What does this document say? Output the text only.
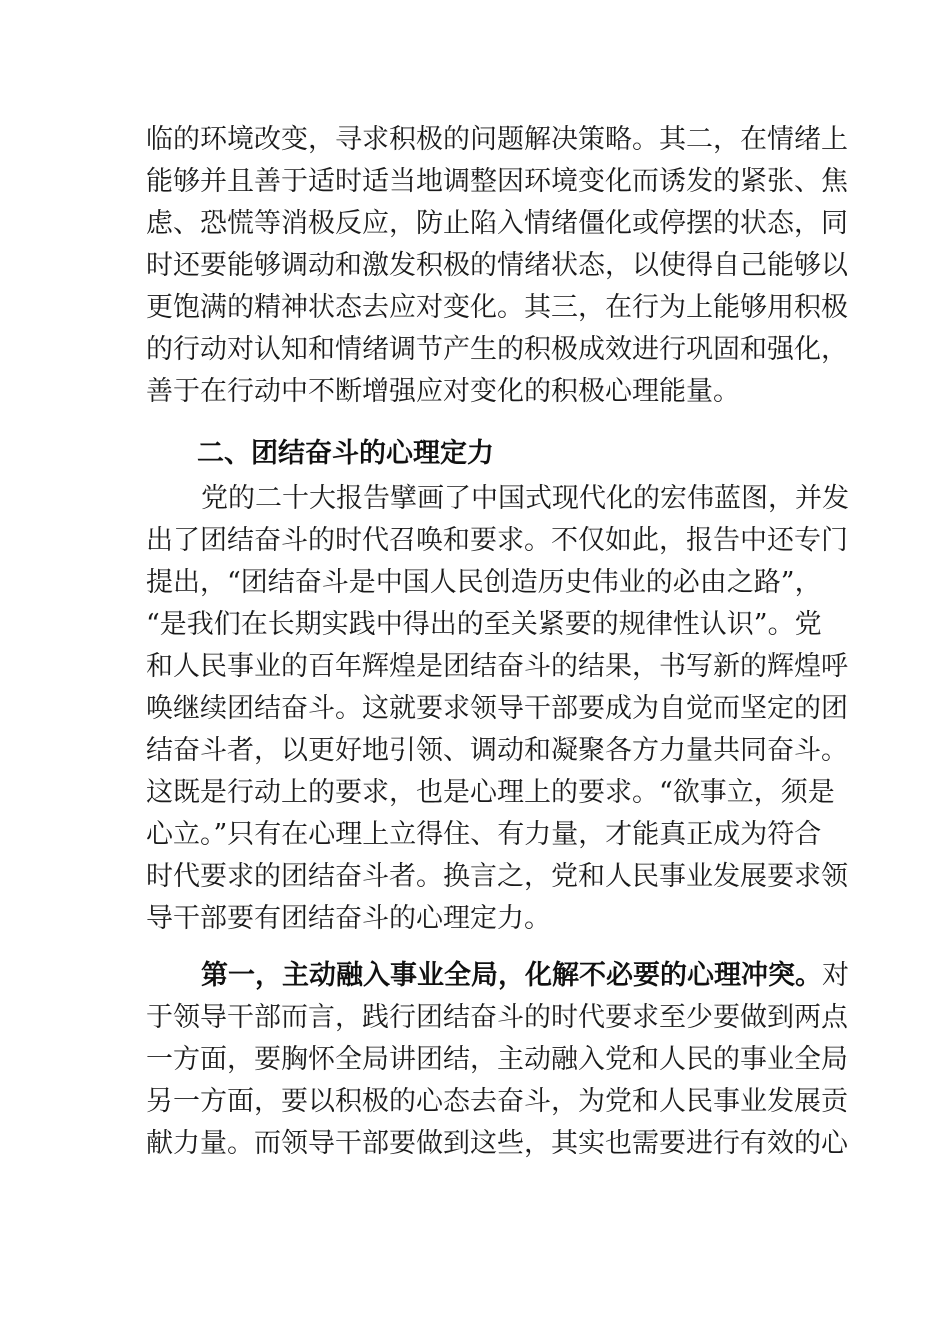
临的环境改变，寻求积极的问题解决策略。其二，在情绪上
能够并且善于适时适当地调整因环境变化而诱发的紧张、焦
虑、恐慌等消极反应，防止陷入情绪僵化或停摆的状态，同
时还要能够调动和激发积极的情绪状态，以使得自己能够以
更饱满的精神状态去应对变化。其三，在行为上能够用积极
的行动对认知和情绪调节产生的积极成效进行巩固和强化，
善于在行动中不断增强应对变化的积极心理能量。
二、团结奋斗的心理定力
党的二十大报告擘画了中国式现代化的宏伟蓝图，并发
出了团结奋斗的时代召唤和要求。不仅如此，报告中还专门
提出，“团结奋斗是中国人民创造历史伟业的必由之路”，
“是我们在长期实践中得出的至关紧要的规律性认识”。党
和人民事业的百年辉煌是团结奋斗的结果，书写新的辉煌呼
唤继续团结奋斗。这就要求领导干部要成为自觉而坚定的团
结奋斗者，以更好地引领、调动和凝聚各方力量共同奋斗。
这既是行动上的要求，也是心理上的要求。“欲事立，须是
心立。”只有在心理上立得住、有力量，才能真正成为符合
时代要求的团结奋斗者。换言之，党和人民事业发展要求领
导干部要有团结奋斗的心理定力。
第一，主动融入事业全局，化解不必要的心理冲突。对
于领导干部而言，践行团结奋斗的时代要求至少要做到两点
一方面，要胸怀全局讲团结，主动融入党和人民的事业全局
另一方面，要以积极的心态去奋斗，为党和人民事业发展贡
献力量。而领导干部要做到这些，其实也需要进行有效的心
